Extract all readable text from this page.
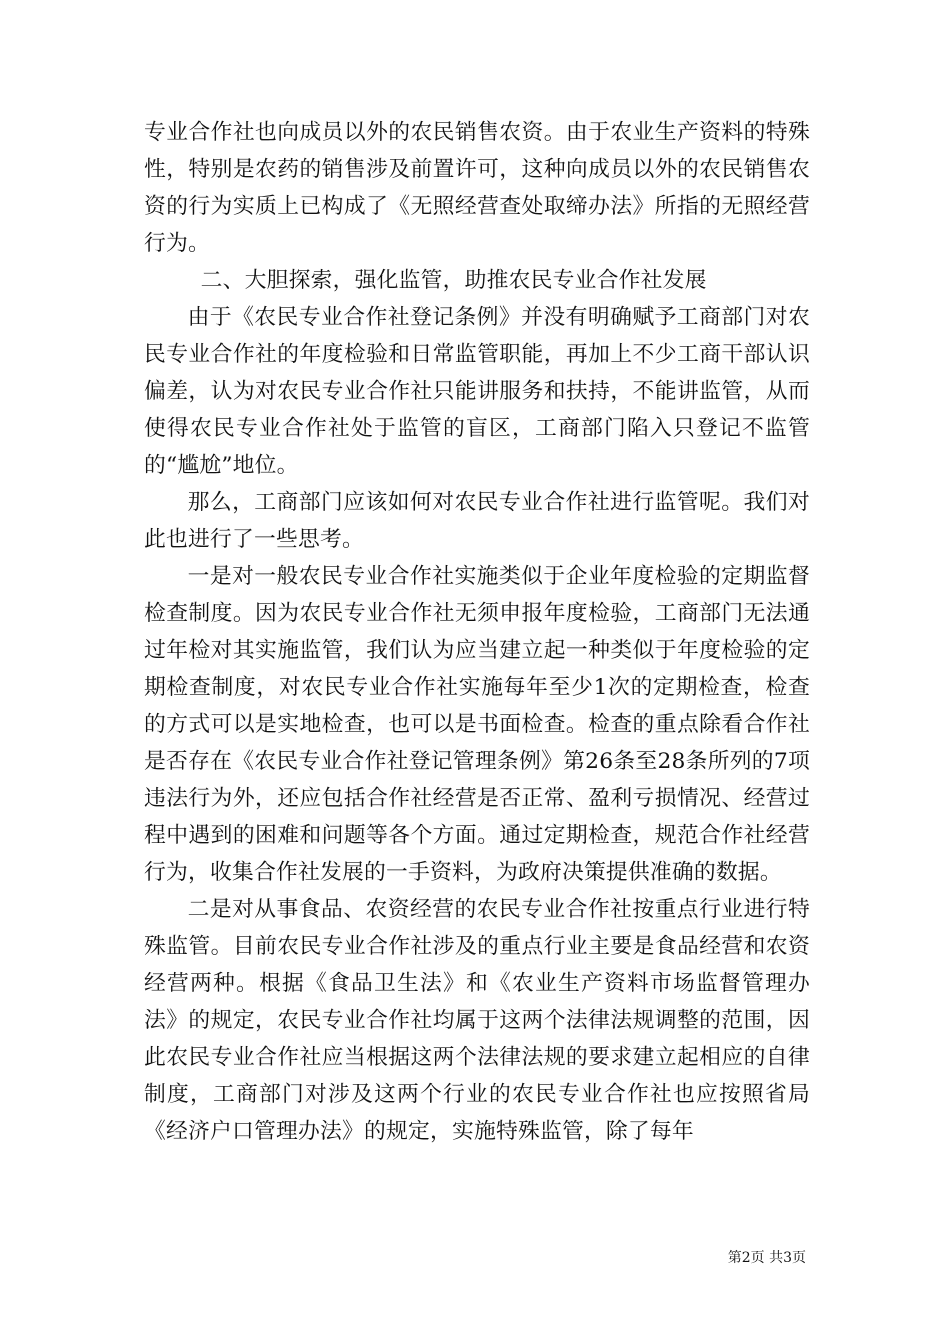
专业合作社也向成员以外的农民销售农资。由于农业生产资料的特殊性，特别是农药的销售涉及前置许可，这种向成员以外的农民销售农资的行为实质上已构成了《无照经营查处取缔办法》所指的无照经营行为。

二、大胆探索，强化监管，助推农民专业合作社发展

由于《农民专业合作社登记条例》并没有明确赋予工商部门对农民专业合作社的年度检验和日常监管职能，再加上不少工商干部认识偏差，认为对农民专业合作社只能讲服务和扶持，不能讲监管，从而使得农民专业合作社处于监管的盲区，工商部门陷入只登记不监管的“尴尬”地位。

那么，工商部门应该如何对农民专业合作社进行监管呢。我们对此也进行了一些思考。

一是对一般农民专业合作社实施类似于企业年度检验的定期监督检查制度。因为农民专业合作社无须申报年度检验，工商部门无法通过年检对其实施监管，我们认为应当建立起一种类似于年度检验的定期检查制度，对农民专业合作社实施每年至少1次的定期检查，检查的方式可以是实地检查，也可以是书面检查。检查的重点除看合作社是否存在《农民专业合作社登记管理条例》第26条至28条所列的7项违法行为外，还应包括合作社经营是否正常、盈利亏损情况、经营过程中遇到的困难和问题等各个方面。通过定期检查，规范合作社经营行为，收集合作社发展的一手资料，为政府决策提供准确的数据。

二是对从事食品、农资经营的农民专业合作社按重点行业进行特殊监管。目前农民专业合作社涉及的重点行业主要是食品经营和农资经营两种。根据《食品卫生法》和《农业生产资料市场监督管理办法》的规定，农民专业合作社均属于这两个法律法规调整的范围，因此农民专业合作社应当根据这两个法律法规的要求建立起相应的自律制度，工商部门对涉及这两个行业的农民专业合作社也应按照省局《经济户口管理办法》的规定，实施特殊监管，除了每年

第2页 共3页
